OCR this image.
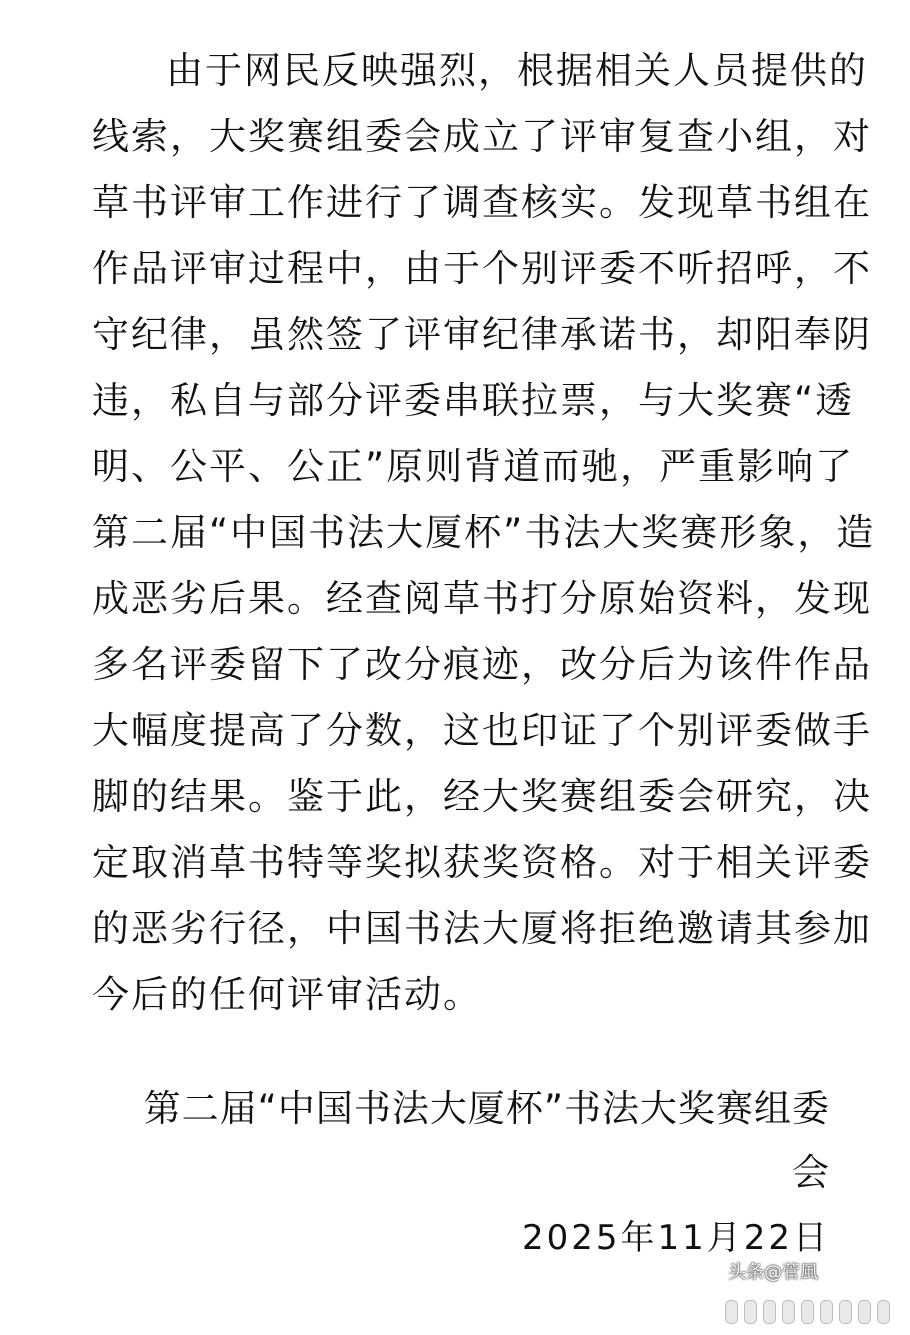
由于网民反映强烈，根据相关人员提供的
线索，大奖赛组委会成立了评审复查小组，对
草书评审工作进行了调查核实。发现草书组在
作品评审过程中，由于个别评委不听招呼，不
守纪律，虽然签了评审纪律承诺书，却阳奉阴
违，私自与部分评委串联拉票，与大奖赛“透
明、公平、公正”原则背道而驰，严重影响了
第二届“中国书法大厦杯”书法大奖赛形象，造
成恶劣后果。经查阅草书打分原始资料，发现
多名评委留下了改分痕迹，改分后为该件作品
大幅度提高了分数，这也印证了个别评委做手
脚的结果。鉴于此，经大奖赛组委会研究，决
定取消草书特等奖拟获奖资格。对于相关评委
的恶劣行径，中国书法大厦将拒绝邀请其参加
今后的任何评审活动。
第二届“中国书法大厦杯”书法大奖赛组委
会
2025年11月22日
头条@菅風
